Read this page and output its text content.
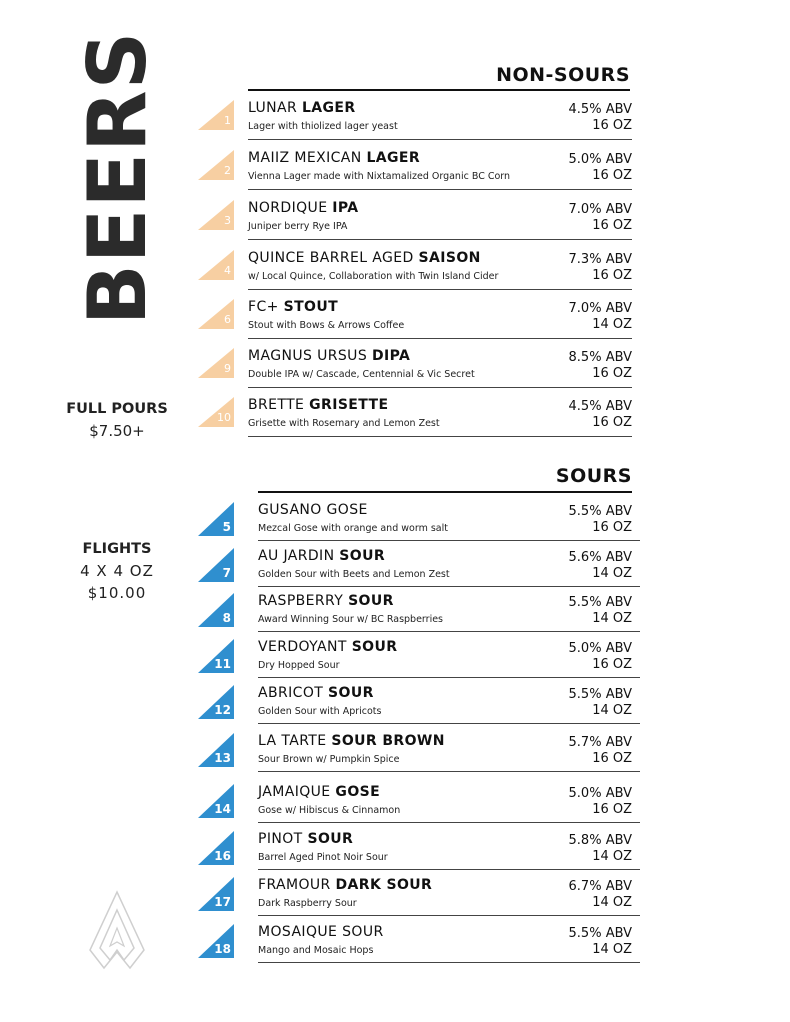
BEERS
FULL POURS
$7.50+
FLIGHTS
4 X 4 OZ
$10.00
NON-SOURS
1
LUNAR LAGER
Lager with thiolized lager yeast
4.5% ABV
16 OZ
2
MAIIZ MEXICAN LAGER
Vienna Lager made with Nixtamalized Organic BC Corn
5.0% ABV
16 OZ
3
NORDIQUE IPA
Juniper berry Rye IPA
7.0% ABV
16 OZ
4
QUINCE BARREL AGED SAISON
w/ Local Quince, Collaboration with Twin Island Cider
7.3% ABV
16 OZ
6
FC+ STOUT
Stout with Bows & Arrows Coffee
7.0% ABV
14 OZ
9
MAGNUS URSUS DIPA
Double IPA w/ Cascade, Centennial & Vic Secret
8.5% ABV
16 OZ
10
BRETTE GRISETTE
Grisette with Rosemary and Lemon Zest
4.5% ABV
16 OZ
SOURS
5
GUSANO GOSE
Mezcal Gose with orange and worm salt
5.5% ABV
16 OZ
7
AU JARDIN SOUR
Golden Sour with Beets and Lemon Zest
5.6% ABV
14 OZ
8
RASPBERRY SOUR
Award Winning Sour w/ BC Raspberries
5.5% ABV
14 OZ
11
VERDOYANT SOUR
Dry Hopped Sour
5.0% ABV
16 OZ
12
ABRICOT SOUR
Golden Sour with Apricots
5.5% ABV
14 OZ
13
LA TARTE SOUR BROWN
Sour Brown w/ Pumpkin Spice
5.7% ABV
16 OZ
14
JAMAIQUE GOSE
Gose w/ Hibiscus & Cinnamon
5.0% ABV
16 OZ
16
PINOT SOUR
Barrel Aged Pinot Noir Sour
5.8% ABV
14 OZ
17
FRAMOUR DARK SOUR
Dark Raspberry Sour
6.7% ABV
14 OZ
18
MOSAIQUE SOUR
Mango and Mosaic Hops
5.5% ABV
14 OZ
